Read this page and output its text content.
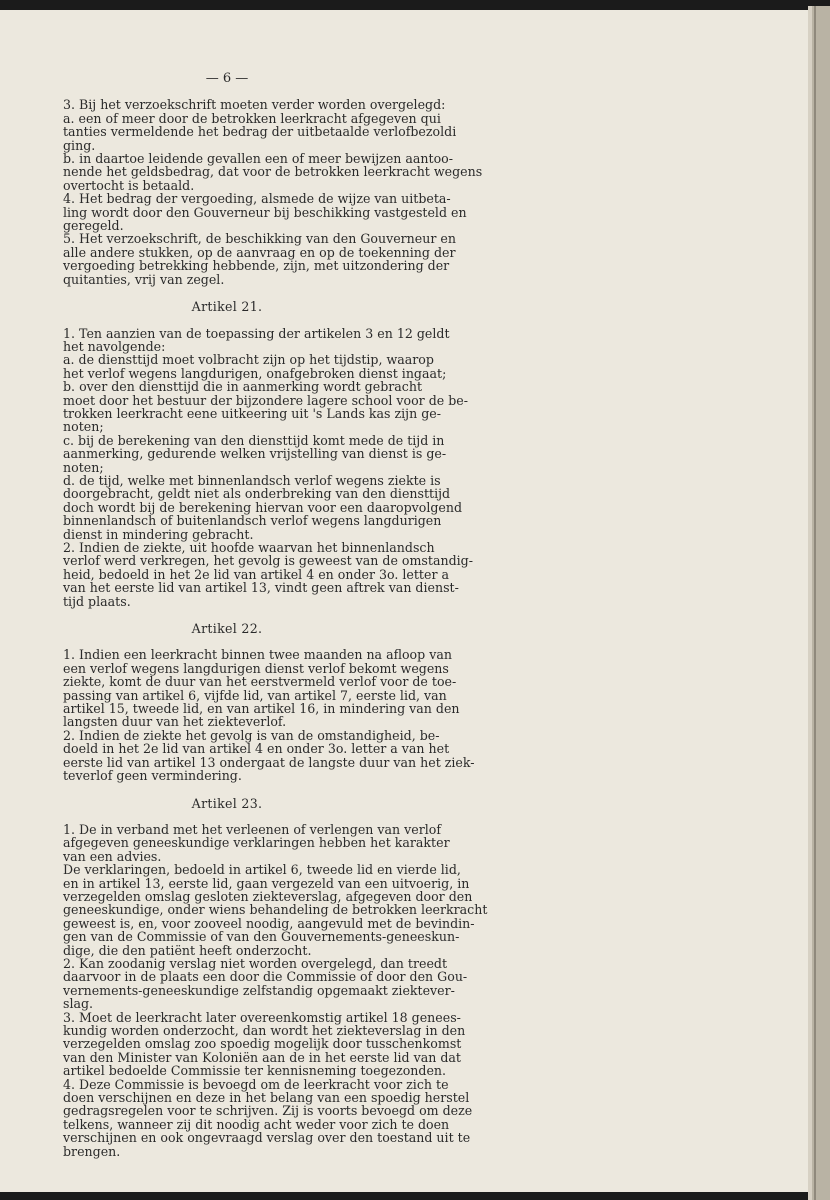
— 6 —
3. Bij het verzoekschrift moeten verder worden overgelegd:
a. een of meer door de betrokken leerkracht afgegeven qui
tanties vermeldende het bedrag der uitbetaalde verlofbezoldi
ging.
b. in daartoe leidende gevallen een of meer bewijzen aantoo-
nende het geldsbedrag, dat voor de betrokken leerkracht wegens
overtocht is betaald.
4. Het bedrag der vergoeding, alsmede de wijze van uitbeta-
ling wordt door den Gouverneur bij beschikking vastgesteld en
geregeld.
5. Het verzoekschrift, de beschikking van den Gouverneur en
alle andere stukken, op de aanvraag en op de toekenning der
vergoeding betrekking hebbende, zijn, met uitzondering der
quitanties, vrij van zegel.
Artikel 21.
1. Ten aanzien van de toepassing der artikelen 3 en 12 geldt
het navolgende:
a. de diensttijd moet volbracht zijn op het tijdstip, waarop
het verlof wegens langdurigen, onafgebroken dienst ingaat;
b. over den diensttijd die in aanmerking wordt gebracht
moet door het bestuur der bijzondere lagere school voor de be-
trokken leerkracht eene uitkeering uit 's Lands kas zijn ge-
noten;
c. bij de berekening van den diensttijd komt mede de tijd in
aanmerking, gedurende welken vrijstelling van dienst is ge-
noten;
d. de tijd, welke met binnenlandsch verlof wegens ziekte is
doorgebracht, geldt niet als onderbreking van den diensttijd
doch wordt bij de berekening hiervan voor een daaropvolgend
binnenlandsch of buitenlandsch verlof wegens langdurigen
dienst in mindering gebracht.
2. Indien de ziekte, uit hoofde waarvan het binnenlandsch
verlof werd verkregen, het gevolg is geweest van de omstandig-
heid, bedoeld in het 2e lid van artikel 4 en onder 3o. letter a
van het eerste lid van artikel 13, vindt geen aftrek van dienst-
tijd plaats.
Artikel 22.
1. Indien een leerkracht binnen twee maanden na afloop van
een verlof wegens langdurigen dienst verlof bekomt wegens
ziekte, komt de duur van het eerstvermeld verlof voor de toe-
passing van artikel 6, vijfde lid, van artikel 7, eerste lid, van
artikel 15, tweede lid, en van artikel 16, in mindering van den
langsten duur van het ziekteverlof.
2. Indien de ziekte het gevolg is van de omstandigheid, be-
doeld in het 2e lid van artikel 4 en onder 3o. letter a van het
eerste lid van artikel 13 ondergaat de langste duur van het ziek-
teverlof geen vermindering.
Artikel 23.
1. De in verband met het verleenen of verlengen van verlof
afgegeven geneeskundige verklaringen hebben het karakter
van een advies.
De verklaringen, bedoeld in artikel 6, tweede lid en vierde lid,
en in artikel 13, eerste lid, gaan vergezeld van een uitvoerig, in
verzegelden omslag gesloten ziekteverslag, afgegeven door den
geneeskundige, onder wiens behandeling de betrokken leerkracht
geweest is, en, voor zooveel noodig, aangevuld met de bevindin-
gen van de Commissie of van den Gouvernements-geneeskun-
dige, die den patiënt heeft onderzocht.
2. Kan zoodanig verslag niet worden overgelegd, dan treedt
daarvoor in de plaats een door die Commissie of door den Gou-
vernements-geneeskundige zelfstandig opgemaakt ziektever-
slag.
3. Moet de leerkracht later overeenkomstig artikel 18 genees-
kundig worden onderzocht, dan wordt het ziekteverslag in den
verzegelden omslag zoo spoedig mogelijk door tusschenkomst
van den Minister van Koloniën aan de in het eerste lid van dat
artikel bedoelde Commissie ter kennisneming toegezonden.
4. Deze Commissie is bevoegd om de leerkracht voor zich te
doen verschijnen en deze in het belang van een spoedig herstel
gedragsregelen voor te schrijven. Zij is voorts bevoegd om deze
telkens, wanneer zij dit noodig acht weder voor zich te doen
verschijnen en ook ongevraagd verslag over den toestand uit te
brengen.
